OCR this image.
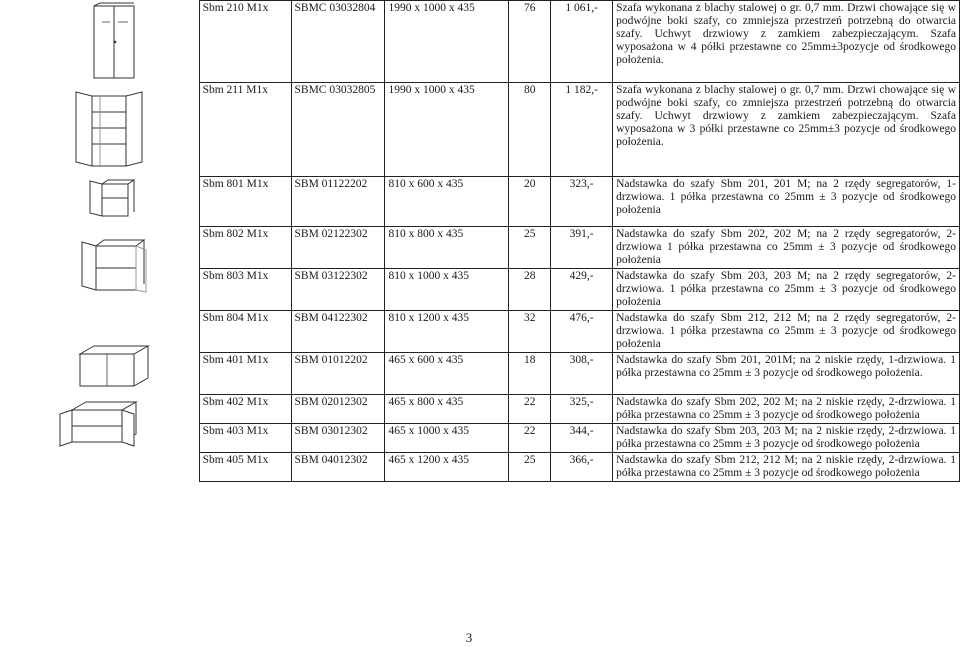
	Sbm 210 M1x	SBMC 03032804	1990 x 1000 x 435	76	1 061,-	Szafa wykonana z blachy stalowej o gr. 0,7 mm. Drzwi chowające się w podwójne boki szafy, co zmniejsza przestrzeń potrzebną do otwarcia szafy. Uchwyt drzwiowy z zamkiem zabezpieczającym. Szafa wyposażona w 4 półki przestawne co 25mm±3pozycje od środkowego położenia.
	Sbm 211 M1x	SBMC 03032805	1990 x 1000 x 435	80	1 182,-	Szafa wykonana z blachy stalowej o gr. 0,7 mm. Drzwi chowające się w podwójne boki szafy, co zmniejsza przestrzeń potrzebną do otwarcia szafy. Uchwyt drzwiowy z zamkiem zabezpieczającym. Szafa wyposażona w 3 półki przestawne co 25mm±3 pozycje od środkowego położenia.
	Sbm 801 M1x	SBM 01122202	810 x 600 x 435	20	323,-	Nadstawka do szafy Sbm 201, 201 M; na 2 rzędy segregatorów, 1-drzwiowa. 1 półka przestawna co 25mm ± 3 pozycje od środkowego położenia
	Sbm 802 M1x	SBM 02122302	810 x 800 x 435	25	391,-	Nadstawka do szafy Sbm 202, 202 M; na 2 rzędy segregatorów, 2-drzwiowa 1 półka przestawna co 25mm ± 3 pozycje od środkowego położenia
	Sbm 803 M1x	SBM 03122302	810 x 1000 x 435	28	429,-	Nadstawka do szafy Sbm 203, 203 M; na 2 rzędy segregatorów, 2-drzwiowa. 1 półka przestawna co 25mm ± 3 pozycje od środkowego położenia
	Sbm 804 M1x	SBM 04122302	810 x 1200 x 435	32	476,-	Nadstawka do szafy Sbm 212, 212 M; na 2 rzędy segregatorów, 2-drzwiowa. 1 półka przestawna co 25mm ± 3 pozycje od środkowego położenia
	Sbm 401 M1x	SBM 01012202	465 x 600 x 435	18	308,-	Nadstawka do szafy Sbm 201, 201M; na 2 niskie rzędy, 1-drzwiowa. 1 półka przestawna co 25mm ± 3 pozycje od środkowego położenia.
	Sbm 402 M1x	SBM 02012302	465 x 800 x 435	22	325,-	Nadstawka do szafy Sbm 202, 202 M; na 2 niskie rzędy, 2-drzwiowa. 1 półka przestawna co 25mm ± 3 pozycje od środkowego położenia
	Sbm 403 M1x	SBM 03012302	465 x 1000 x 435	22	344,-	Nadstawka do szafy Sbm 203, 203 M; na 2 niskie rzędy, 2-drzwiowa. 1 półka przestawna co 25mm ± 3 pozycje od środkowego położenia
	Sbm 405 M1x	SBM 04012302	465 x 1200 x 435	25	366,-	Nadstawka do szafy Sbm 212, 212 M; na 2 niskie rzędy, 2-drzwiowa. 1 półka przestawna co 25mm ± 3 pozycje od środkowego położenia
3
